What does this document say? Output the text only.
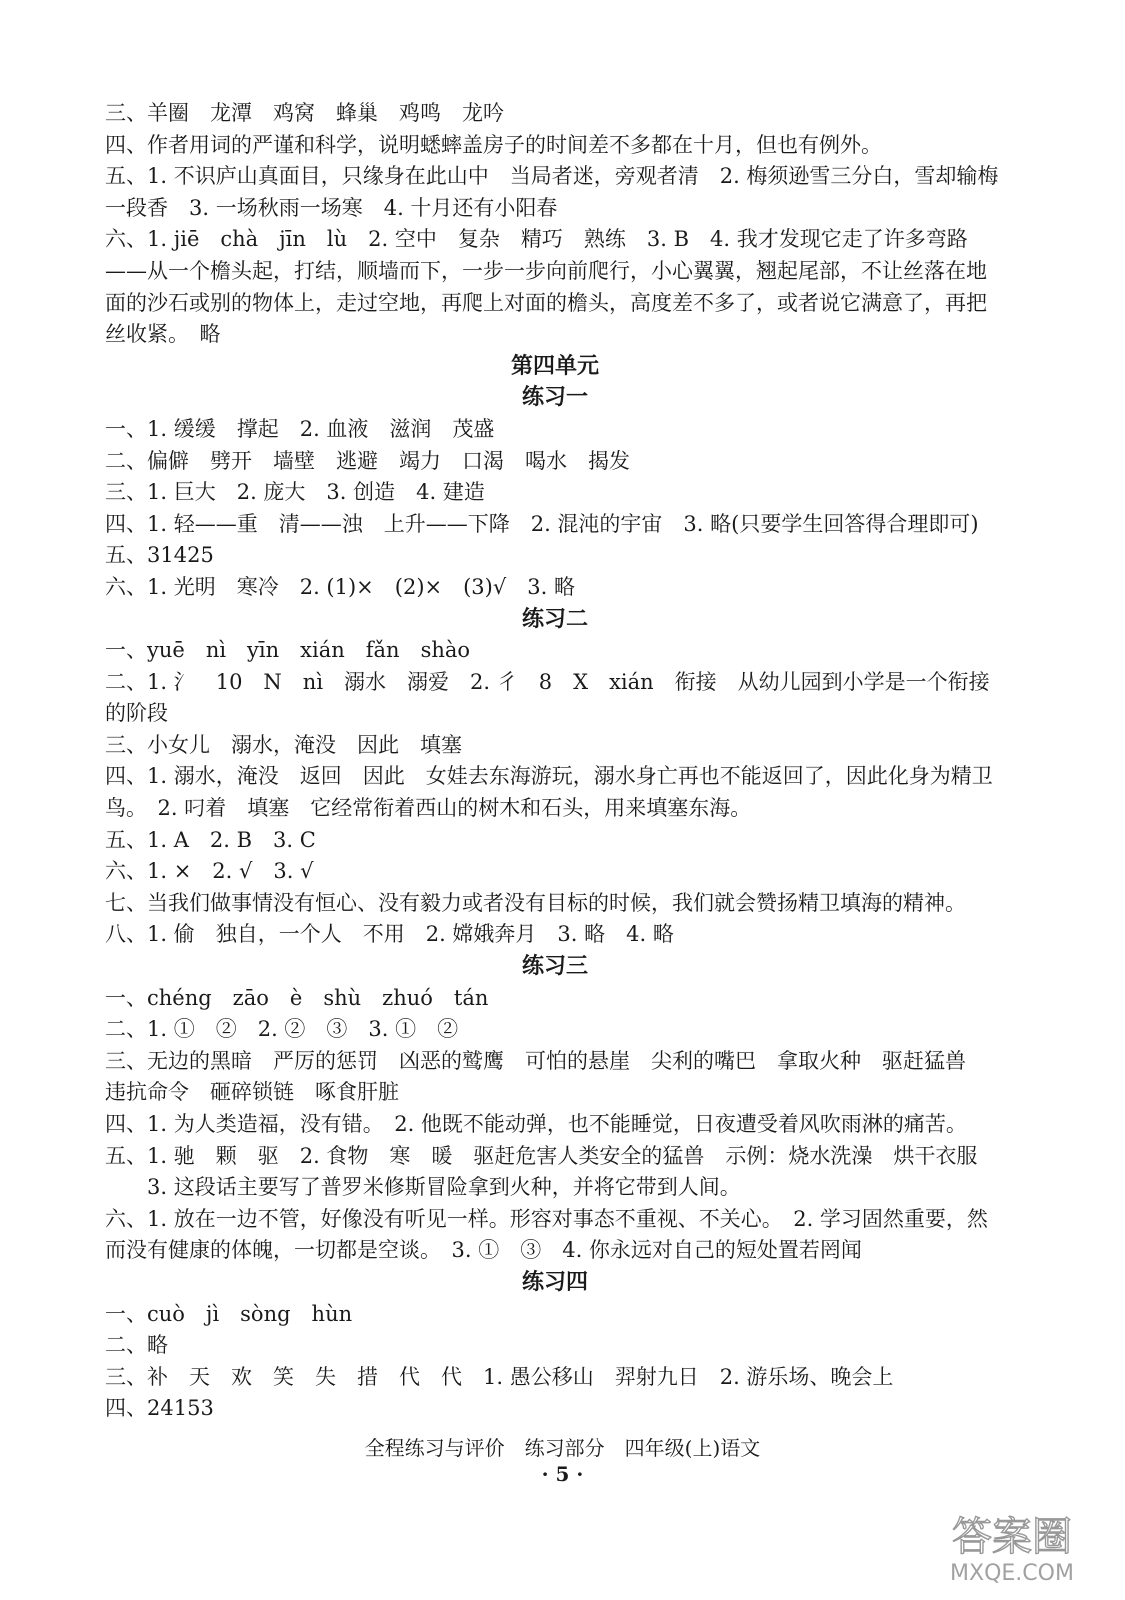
三、羊圈　龙潭　鸡窝　蜂巢　鸡鸣　龙吟

四、作者用词的严谨和科学，说明蟋蟀盖房子的时间差不多都在十月，但也有例外。

五、1. 不识庐山真面目，只缘身在此山中　当局者迷，旁观者清　2. 梅须逊雪三分白，雪却输梅一段香　3. 一场秋雨一场寒　4. 十月还有小阳春

六、1. jiē　chà　jīn　lù　2. 空中　复杂　精巧　熟练　3. B　4. 我才发现它走了许多弯路——从一个檐头起，打结，顺墙而下，一步一步向前爬行，小心翼翼，翘起尾部，不让丝落在地面的沙石或别的物体上，走过空地，再爬上对面的檐头，高度差不多了，或者说它满意了，再把丝收紧。　略

第四单元

练习一

一、1. 缓缓　撑起　2. 血液　滋润　茂盛

二、偏僻　劈开　墙壁　逃避　竭力　口渴　喝水　揭发

三、1. 巨大　2. 庞大　3. 创造　4. 建造

四、1. 轻——重　清——浊　上升——下降　2. 混沌的宇宙　3. 略(只要学生回答得合理即可)

五、31425

六、1. 光明　寒冷　2. (1)×　(2)×　(3)√　3. 略

练习二

一、yuē　nì　yīn　xián　fǎn　shào

二、1. 氵　10　N　nì　溺水　溺爱　2. 彳　8　X　xián　衔接　从幼儿园到小学是一个衔接的阶段

三、小女儿　溺水，淹没　因此　填塞

四、1. 溺水，淹没　返回　因此　女娃去东海游玩，溺水身亡再也不能返回了，因此化身为精卫鸟。　2. 叼着　填塞　它经常衔着西山的树木和石头，用来填塞东海。

五、1. A　2. B　3. C

六、1. ×　2. √　3. √

七、当我们做事情没有恒心、没有毅力或者没有目标的时候，我们就会赞扬精卫填海的精神。

八、1. 偷　独自，一个人　不用　2. 嫦娥奔月　3. 略　4. 略

练习三

一、chéng　zāo　è　shù　zhuó　tán

二、1. ①　②　2. ②　③　3. ①　②

三、无边的黑暗　严厉的惩罚　凶恶的鹫鹰　可怕的悬崖　尖利的嘴巴　拿取火种　驱赶猛兽　违抗命令　砸碎锁链　啄食肝脏

四、1. 为人类造福，没有错。　2. 他既不能动弹，也不能睡觉，日夜遭受着风吹雨淋的痛苦。

五、1. 驰　颗　驱　2. 食物　寒　暖　驱赶危害人类安全的猛兽　示例：烧水洗澡　烘干衣服

3. 这段话主要写了普罗米修斯冒险拿到火种，并将它带到人间。

六、1. 放在一边不管，好像没有听见一样。形容对事态不重视、不关心。　2. 学习固然重要，然而没有健康的体魄，一切都是空谈。　3. ①　③　4. 你永远对自己的短处置若罔闻

练习四

一、cuò　jì　sòng　hùn

二、略

三、补　天　欢　笑　失　措　代　代　1. 愚公移山　羿射九日　2. 游乐场、晚会上

四、24153

全程练习与评价　练习部分　四年级(上)语文
· 5 ·
答案圈
MXQE.COM
